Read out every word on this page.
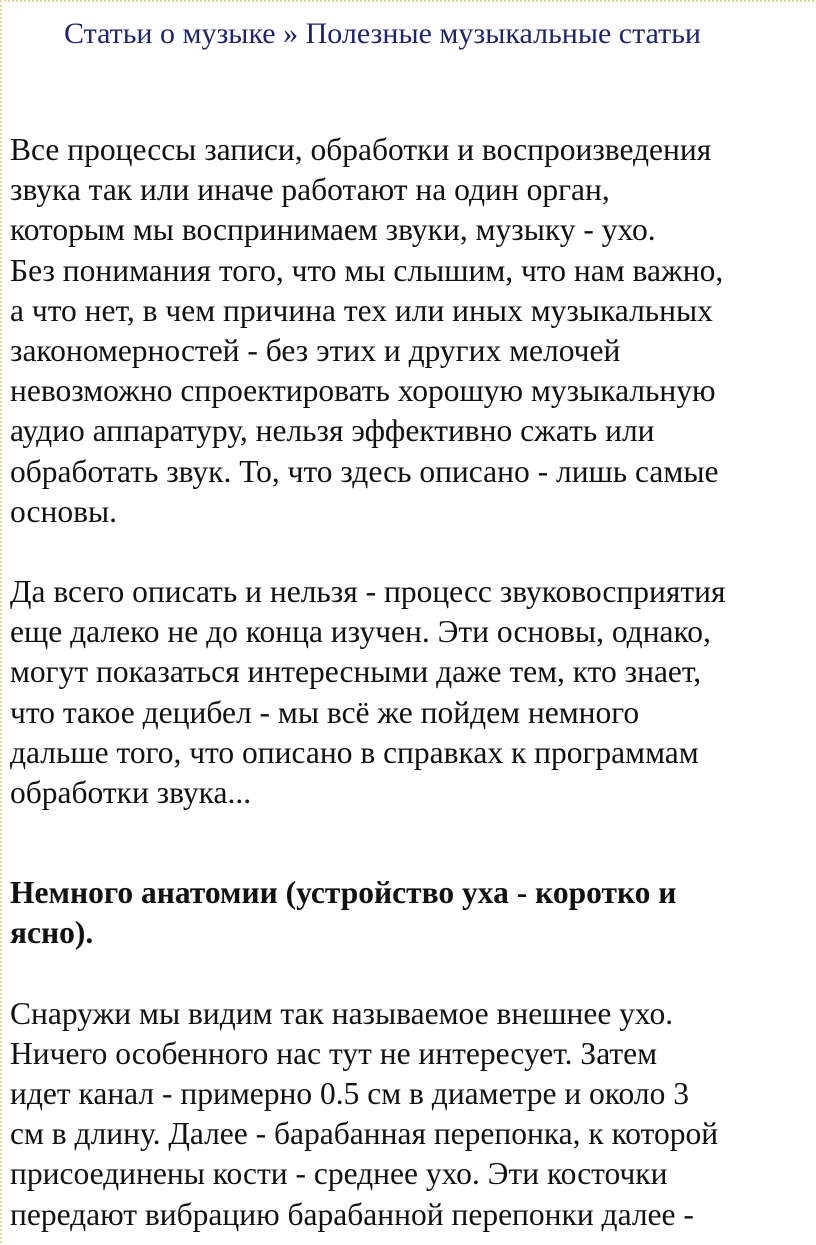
Статьи о музыке » Полезные музыкальные статьи
Все процессы записи, обработки и воспроизведения
звука так или иначе работают на один орган,
которым мы воспринимаем звуки, музыку - ухо.
Без понимания того, что мы слышим, что нам важно,
а что нет, в чем причина тех или иных музыкальных
закономерностей - без этих и других мелочей
невозможно спроектировать хорошую музыкальную
аудио аппаратуру, нельзя эффективно сжать или
обработать звук. То, что здесь описано - лишь самые
основы.
Да всего описать и нельзя - процесс звуковосприятия
еще далеко не до конца изучен. Эти основы, однако,
могут показаться интересными даже тем, кто знает,
что такое децибел - мы всё же пойдем немного
дальше того, что описано в справках к программам
обработки звука...
Немного анатомии (устройство уха - коротко и
ясно).
Снаружи мы видим так называемое внешнее ухо.
Ничего особенного нас тут не интересует. Затем
идет канал - примерно 0.5 см в диаметре и около 3
см в длину. Далее - барабанная перепонка, к которой
присоединены кости - среднее ухо. Эти косточки
передают вибрацию барабанной перепонки далее -
